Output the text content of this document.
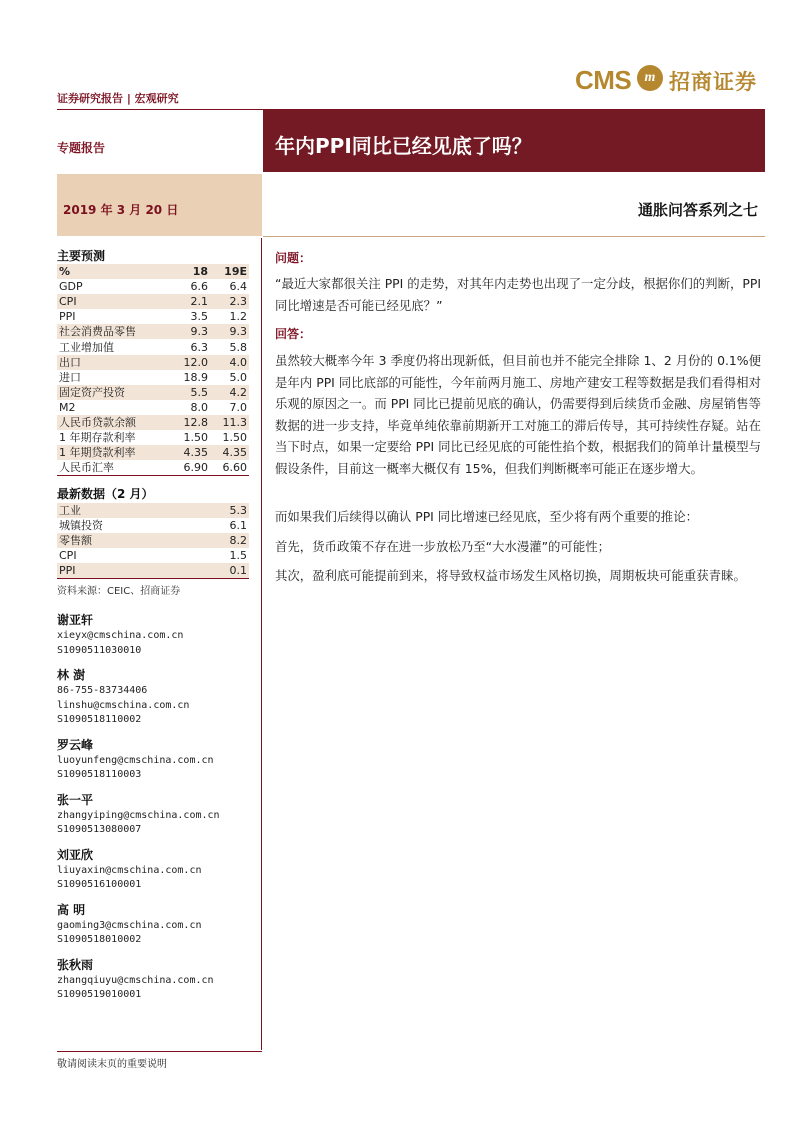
证券研究报告 | 宏观研究
CMS m 招商证券
专题报告
2019 年 3 月 20 日
年内PPI同比已经见底了吗？
通胀问答系列之七
主要预测
%	18	19E
GDP	6.6	6.4
CPI	2.1	2.3
PPI	3.5	1.2
社会消费品零售	9.3	9.3
工业增加值	6.3	5.8
出口	12.0	4.0
进口	18.9	5.0
固定资产投资	5.5	4.2
M2	8.0	7.0
人民币贷款余额	12.8	11.3
1 年期存款利率	1.50	1.50
1 年期贷款利率	4.35	4.35
人民币汇率	6.90	6.60
最新数据（2 月）
工业	5.3
城镇投资	6.1
零售额	8.2
CPI	1.5
PPI	0.1
资料来源：CEIC、招商证券
谢亚轩
xieyx@cmschina.com.cn
S1090511030010
林 澍
86-755-83734406
linshu@cmschina.com.cn
S1090518110002
罗云峰
luoyunfeng@cmschina.com.cn
S1090518110003
张一平
zhangyiping@cmschina.com.cn
S1090513080007
刘亚欣
liuyaxin@cmschina.com.cn
S1090516100001
高 明
gaoming3@cmschina.com.cn
S1090518010002
张秋雨
zhangqiuyu@cmschina.com.cn
S1090519010001
敬请阅读末页的重要说明
问题：
“最近大家都很关注 PPI 的走势，对其年内走势也出现了一定分歧，根据你们的判断，PPI 同比增速是否可能已经见底？”
回答：
虽然较大概率今年 3 季度仍将出现新低，但目前也并不能完全排除 1、2 月份的 0.1%便是年内 PPI 同比底部的可能性，今年前两月施工、房地产建安工程等数据是我们看得相对乐观的原因之一。而 PPI 同比已提前见底的确认，仍需要得到后续货币金融、房屋销售等数据的进一步支持，毕竟单纯依靠前期新开工对施工的滞后传导，其可持续性存疑。站在当下时点，如果一定要给 PPI 同比已经见底的可能性掐个数，根据我们的简单计量模型与假设条件，目前这一概率大概仅有 15%，但我们判断概率可能正在逐步增大。
而如果我们后续得以确认 PPI 同比增速已经见底，至少将有两个重要的推论：
首先，货币政策不存在进一步放松乃至“大水漫灌”的可能性；
其次，盈利底可能提前到来，将导致权益市场发生风格切换，周期板块可能重获青睐。
